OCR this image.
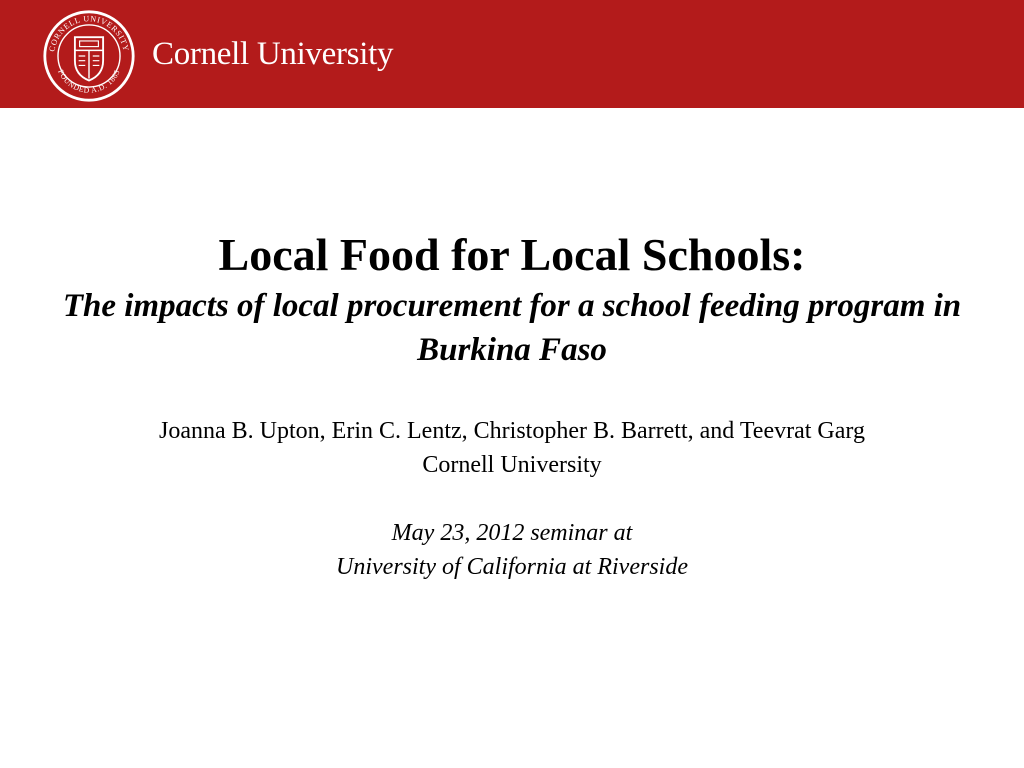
CORNELL UNIVERSITY
FOUNDED A.D. 1865
Cornell University

Local Food for Local Schools:

The impacts of local procurement for a school feeding program in Burkina Faso

Joanna B. Upton, Erin C. Lentz, Christopher B. Barrett, and Teevrat Garg

Cornell University

May 23, 2012 seminar at

University of California at Riverside
